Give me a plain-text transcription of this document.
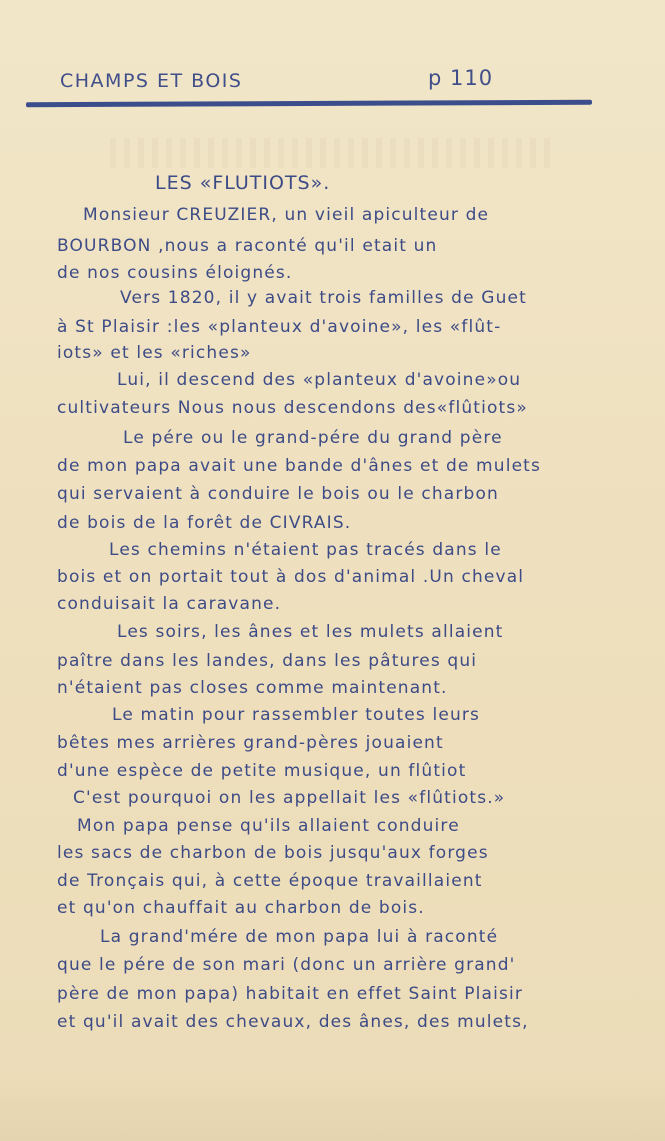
CHAMPS ET BOIS	p 110
LES «FLUTIOTS».
Monsieur CREUZIER, un vieil apiculteur de
BOURBON ,nous a raconté qu'il etait un
de nos cousins éloignés.
Vers 1820, il y avait trois familles de Guet
à St Plaisir :les «planteux d'avoine», les «flût-
iots» et les «riches»
Lui, il descend des «planteux d'avoine»ou
cultivateurs Nous nous descendons des«flûtiots»
Le pére ou le grand-pére du grand père
de mon papa avait une bande d'ânes et de mulets
qui servaient à conduire le bois ou le charbon
de bois de la forêt de CIVRAIS.
Les chemins n'étaient pas tracés dans le
bois et on portait tout à dos d'animal .Un cheval
conduisait la caravane.
Les soirs, les ânes et les mulets allaient
paître dans les landes, dans les pâtures qui
n'étaient pas closes comme maintenant.
Le matin pour rassembler toutes leurs
bêtes mes arrières grand-pères jouaient
d'une espèce de petite musique, un flûtiot
C'est pourquoi on les appellait les «flûtiots.»
Mon papa pense qu'ils allaient conduire
les sacs de charbon de bois jusqu'aux forges
de Tronçais qui, à cette époque travaillaient
et qu'on chauffait au charbon de bois.
La grand'mére de mon papa lui à raconté
que le pére de son mari (donc un arrière grand'
père de mon papa) habitait en effet Saint Plaisir
et qu'il avait des chevaux, des ânes, des mulets,
